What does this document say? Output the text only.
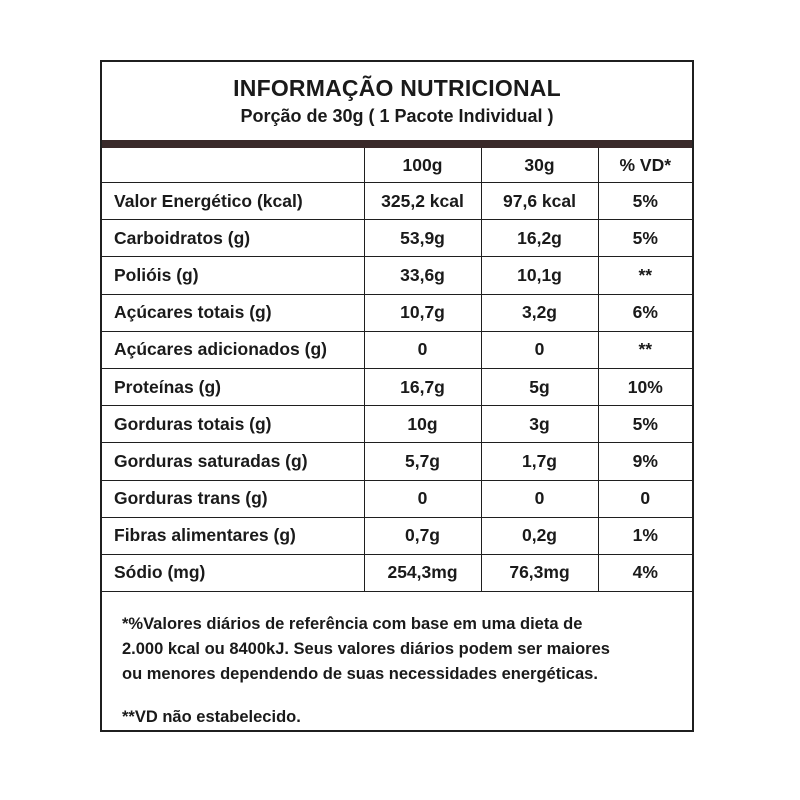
INFORMAÇÃO NUTRICIONAL
Porção de 30g ( 1 Pacote Individual )
	100g	30g	% VD*
Valor Energético (kcal)	325,2 kcal	97,6 kcal	5%
Carboidratos (g)	53,9g	16,2g	5%
Polióis (g)	33,6g	10,1g	**
Açúcares totais (g)	10,7g	3,2g	6%
Açúcares adicionados (g)	0	0	**
Proteínas (g)	16,7g	5g	10%
Gorduras totais (g)	10g	3g	5%
Gorduras saturadas (g)	5,7g	1,7g	9%
Gorduras trans (g)	0	0	0
Fibras alimentares (g)	0,7g	0,2g	1%
Sódio (mg)	254,3mg	76,3mg	4%
*%Valores diários de referência com base em uma dieta de
2.000 kcal ou 8400kJ. Seus valores diários podem ser maiores
ou menores dependendo de suas necessidades energéticas.
**VD não estabelecido.
